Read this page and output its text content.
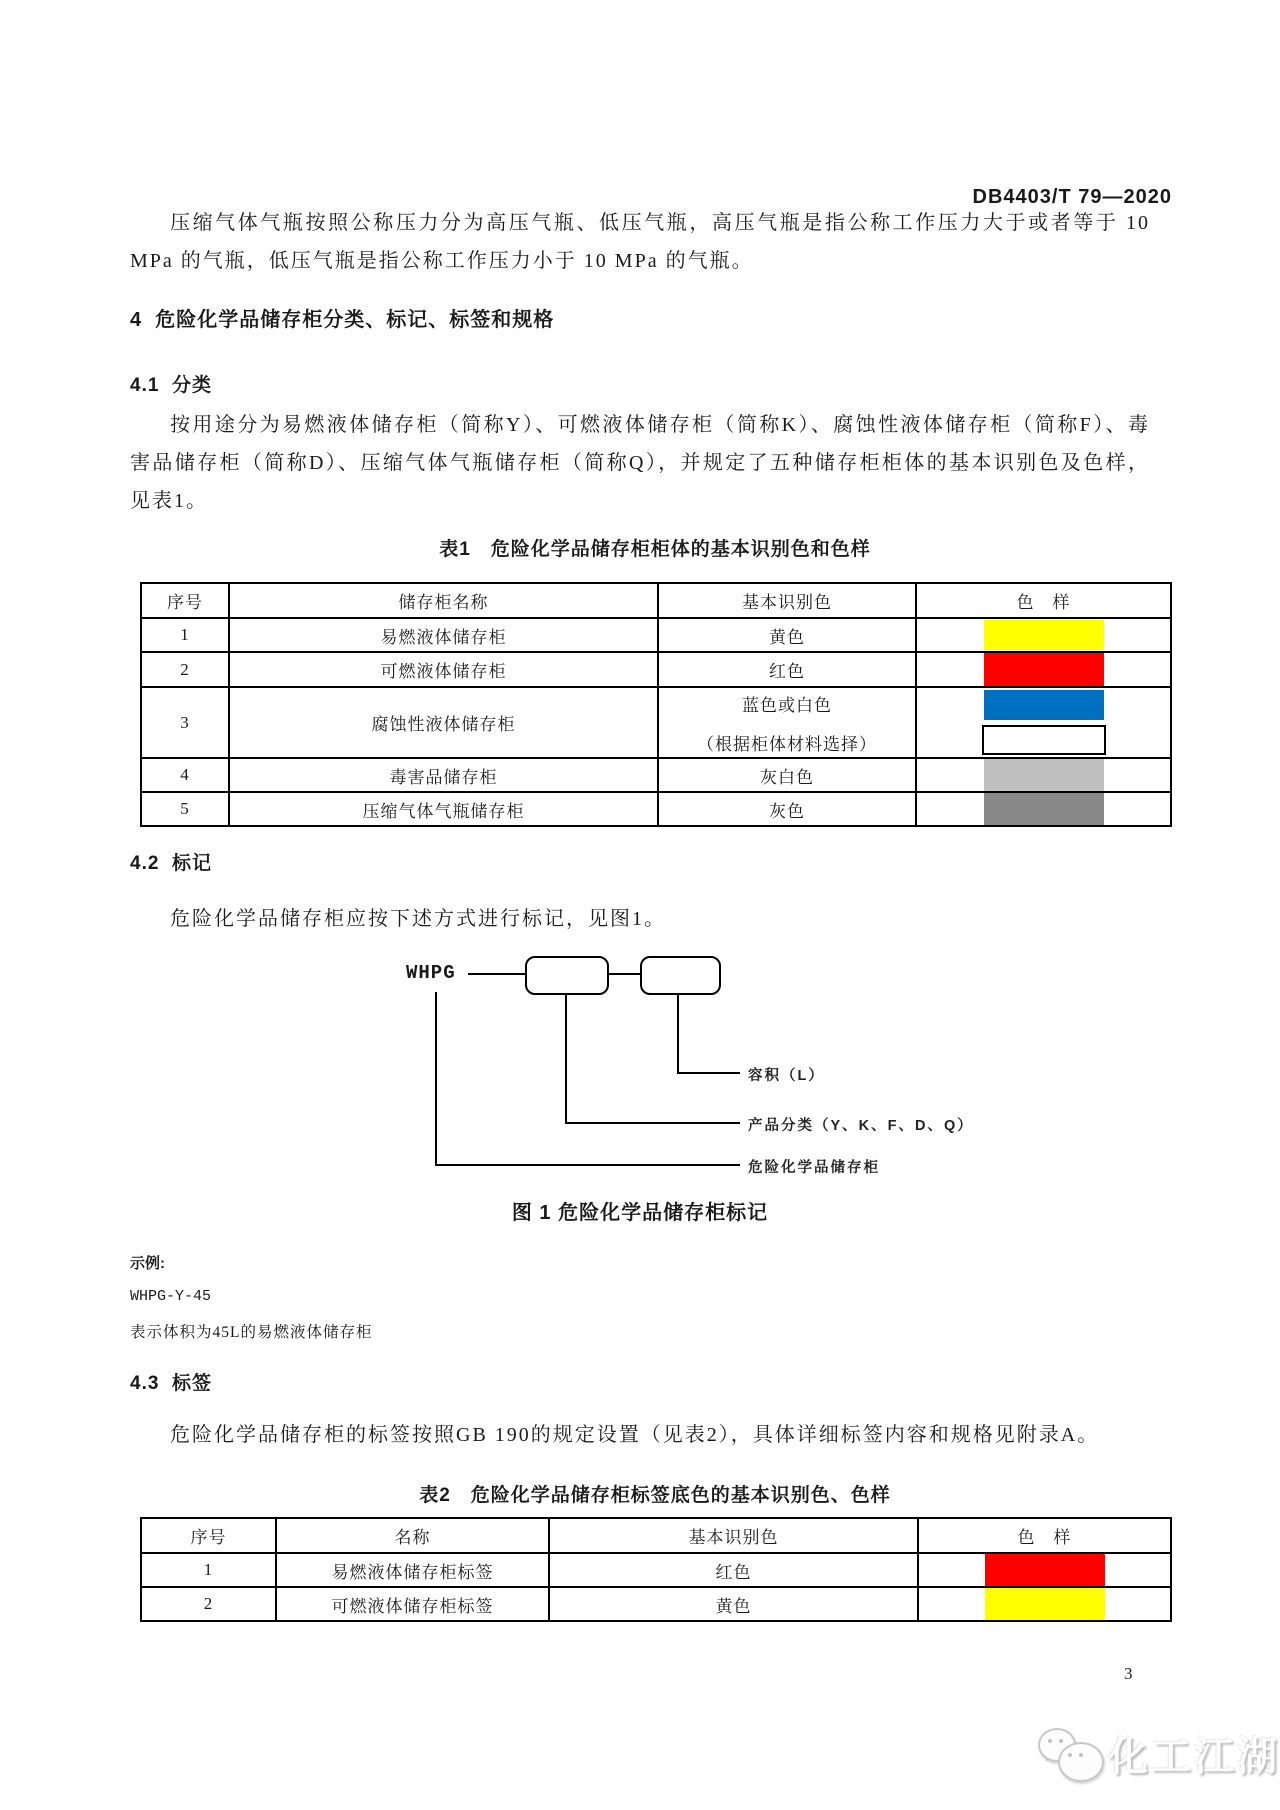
DB4403/T 79—2020

压缩气体气瓶按照公称压力分为高压气瓶、低压气瓶，高压气瓶是指公称工作压力大于或者等于 10 MPa 的气瓶，低压气瓶是指公称工作压力小于 10 MPa 的气瓶。

4  危险化学品储存柜分类、标记、标签和规格
4.1  分类

按用途分为易燃液体储存柜（简称Y）、可燃液体储存柜（简称K）、腐蚀性液体储存柜（简称F）、毒害品储存柜（简称D）、压缩气体气瓶储存柜（简称Q），并规定了五种储存柜柜体的基本识别色及色样，见表1。

表1　危险化学品储存柜柜体的基本识别色和色样
序号	储存柜名称	基本识别色	色　样
1	易燃液体储存柜	黄色	

2	可燃液体储存柜	红色	

3	腐蚀性液体储存柜	蓝色或白色
（根据柜体材料选择）	

4	毒害品储存柜	灰白色	

5	压缩气体气瓶储存柜	灰色	

4.2  标记

危险化学品储存柜应按下述方式进行标记，见图1。

WHPG
容积（L）
产品分类（Y、K、F、D、Q）
危险化学品储存柜
图 1 危险化学品储存柜标记
示例:
WHPG-Y-45
表示体积为45L的易燃液体储存柜
4.3  标签

危险化学品储存柜的标签按照GB 190的规定设置（见表2），具体详细标签内容和规格见附录A。

表2　危险化学品储存柜标签底色的基本识别色、色样
序号	名称	基本识别色	色　样
1	易燃液体储存柜标签	红色	

2	可燃液体储存柜标签	黄色	
3
化工江湖
